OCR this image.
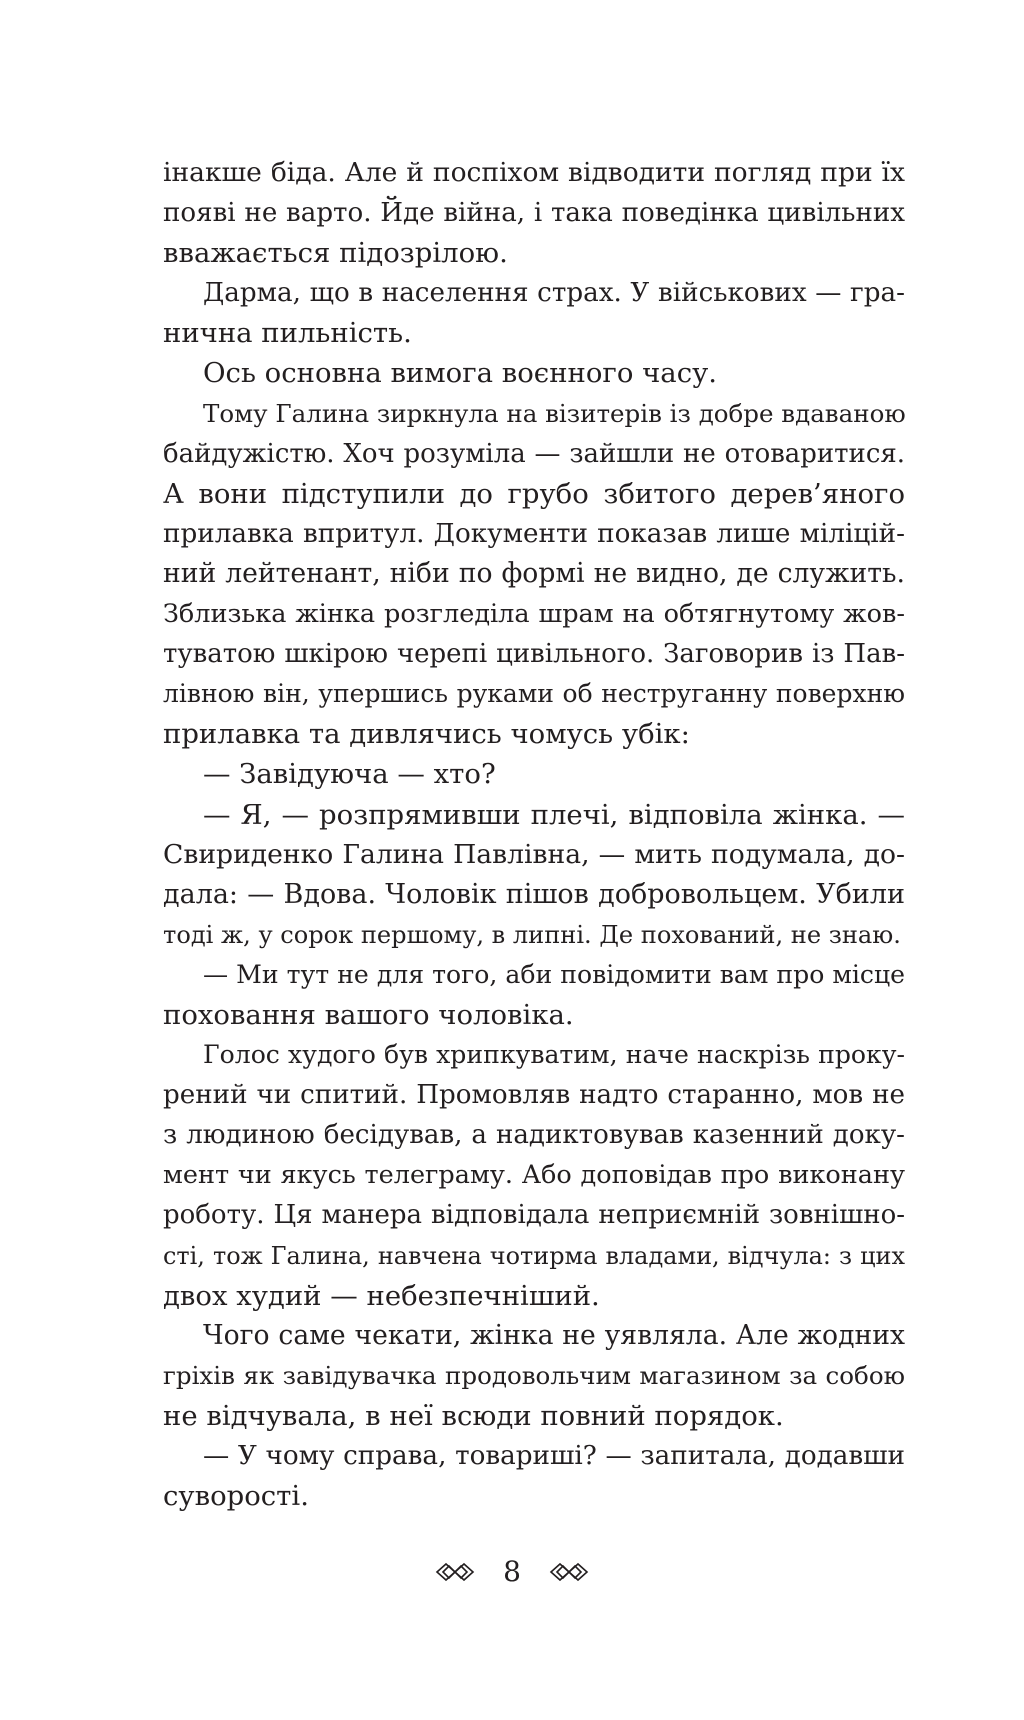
інакше біда. Але й поспіхом відводити погляд при їх
появі не варто. Йде війна, і така поведінка цивільних
вважається підозрілою.
Дарма, що в населення страх. У військових — гра-
нична пильність.
Ось основна вимога воєнного часу.
Тому Галина зиркнула на візитерів із добре вдаваною
байдужістю. Хоч розуміла — зайшли не отоваритися.
А вони підступили до грубо збитого дерев’яного
прилавка впритул. Документи показав лише міліцій-
ний лейтенант, ніби по формі не видно, де служить.
Зблизька жінка розгледіла шрам на обтягнутому жов-
туватою шкірою черепі цивільного. Заговорив із Пав-
лівною він, упершись руками об неструганну поверхню
прилавка та дивлячись чомусь убік:
— Завідуюча — хто?
— Я, — розпрямивши плечі, відповіла жінка. —
Свириденко Галина Павлівна, — мить подумала, до-
дала: — Вдова. Чоловік пішов добровольцем. Убили
тоді ж, у сорок першому, в липні. Де похований, не знаю.
— Ми тут не для того, аби повідомити вам про місце
поховання вашого чоловіка.
Голос худого був хрипкуватим, наче наскрізь проку-
рений чи спитий. Промовляв надто старанно, мов не
з людиною бесідував, а надиктовував казенний доку-
мент чи якусь телеграму. Або доповідав про виконану
роботу. Ця манера відповідала неприємній зовнішно-
сті, тож Галина, навчена чотирма владами, відчула: з цих
двох худий — небезпечніший.
Чого саме чекати, жінка не уявляла. Але жодних
гріхів як завідувачка продовольчим магазином за собою
не відчувала, в неї всюди повний порядок.
— У чому справа, товариші? — запитала, додавши
суворості.
8
